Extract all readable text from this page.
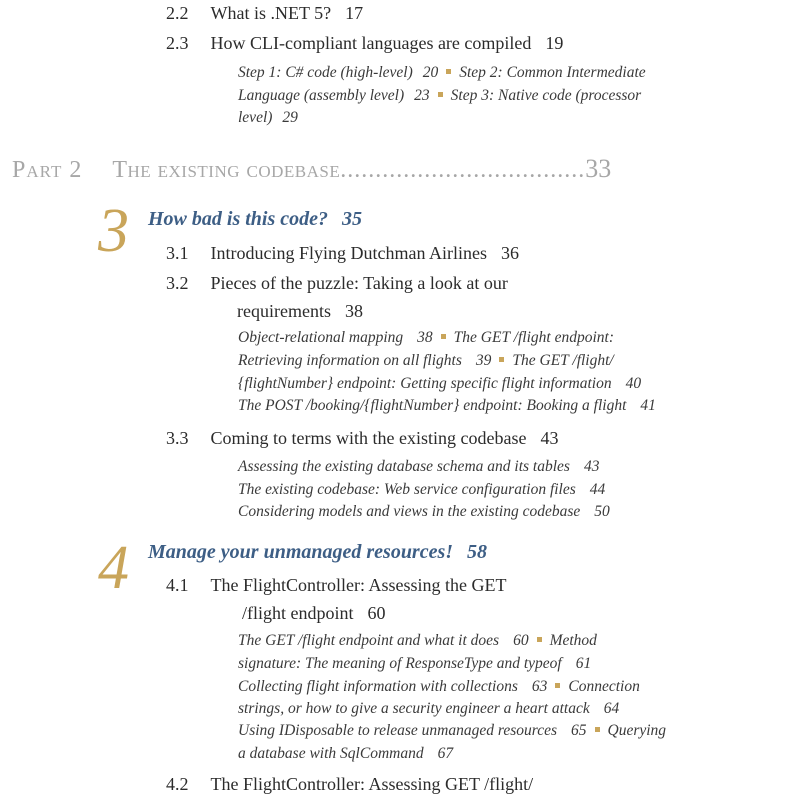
2.2 What is .NET 5? 17
2.3 How CLI-compliant languages are compiled 19
Step 1: C# code (high-level) 20 Step 2: Common Intermediate
Language (assembly level) 23 Step 3: Native code (processor
level) 29
Part 2 The existing codebase...................................33
3 How bad is this code? 35
3.1 Introducing Flying Dutchman Airlines 36
3.2 Pieces of the puzzle: Taking a look at our
requirements 38
Object-relational mapping 38 The GET /flight endpoint:
Retrieving information on all flights 39 The GET /flight/
{flightNumber} endpoint: Getting specific flight information 40
The POST /booking/{flightNumber} endpoint: Booking a flight 41
3.3 Coming to terms with the existing codebase 43
Assessing the existing database schema and its tables 43
The existing codebase: Web service configuration files 44
Considering models and views in the existing codebase 50
4 Manage your unmanaged resources! 58
4.1 The FlightController: Assessing the GET
/flight endpoint 60
The GET /flight endpoint and what it does 60 Method
signature: The meaning of ResponseType and typeof 61
Collecting flight information with collections 63 Connection
strings, or how to give a security engineer a heart attack 64
Using IDisposable to release unmanaged resources 65 Querying
a database with SqlCommand 67
4.2 The FlightController: Assessing GET /flight/
